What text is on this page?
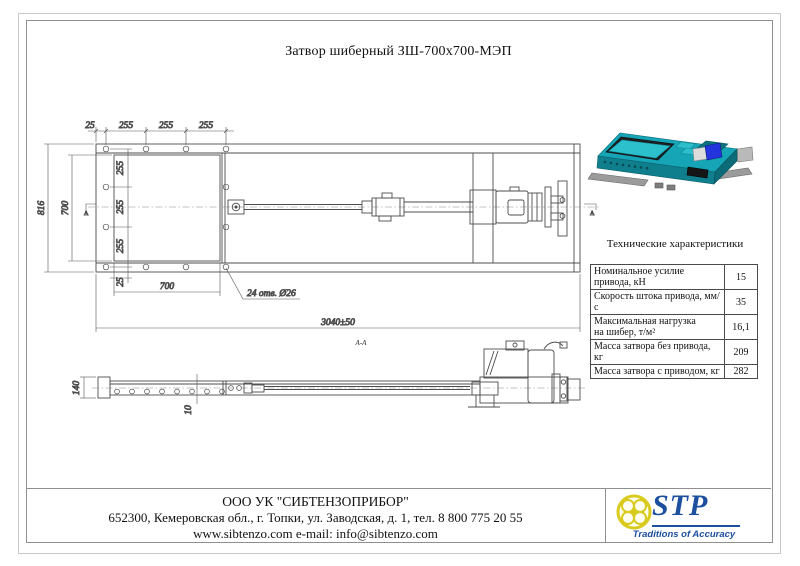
Затвор шиберный ЗШ-700х700-МЭП
25	255	255	255
816 700
255
255
255
25	700
24 отв. Ø26
3040±50
А	А
А-А
140
10
Технические характеристики
Номинальное усилие привода, кН	15
Скорость штока привода, мм/с	35

Максимальная нагрузка
на шибер, т/м²	16,1
Масса затвора без привода, кг	209
Масса затвора с приводом, кг	282
ООО УК "СИБТЕНЗОПРИБОР"
652300, Кемеровская обл., г. Топки, ул. Заводская, д. 1, тел. 8 800 775 20 55
www.sibtenzo.com e-mail: info@sibtenzo.com
STP
Traditions of Accuracy
